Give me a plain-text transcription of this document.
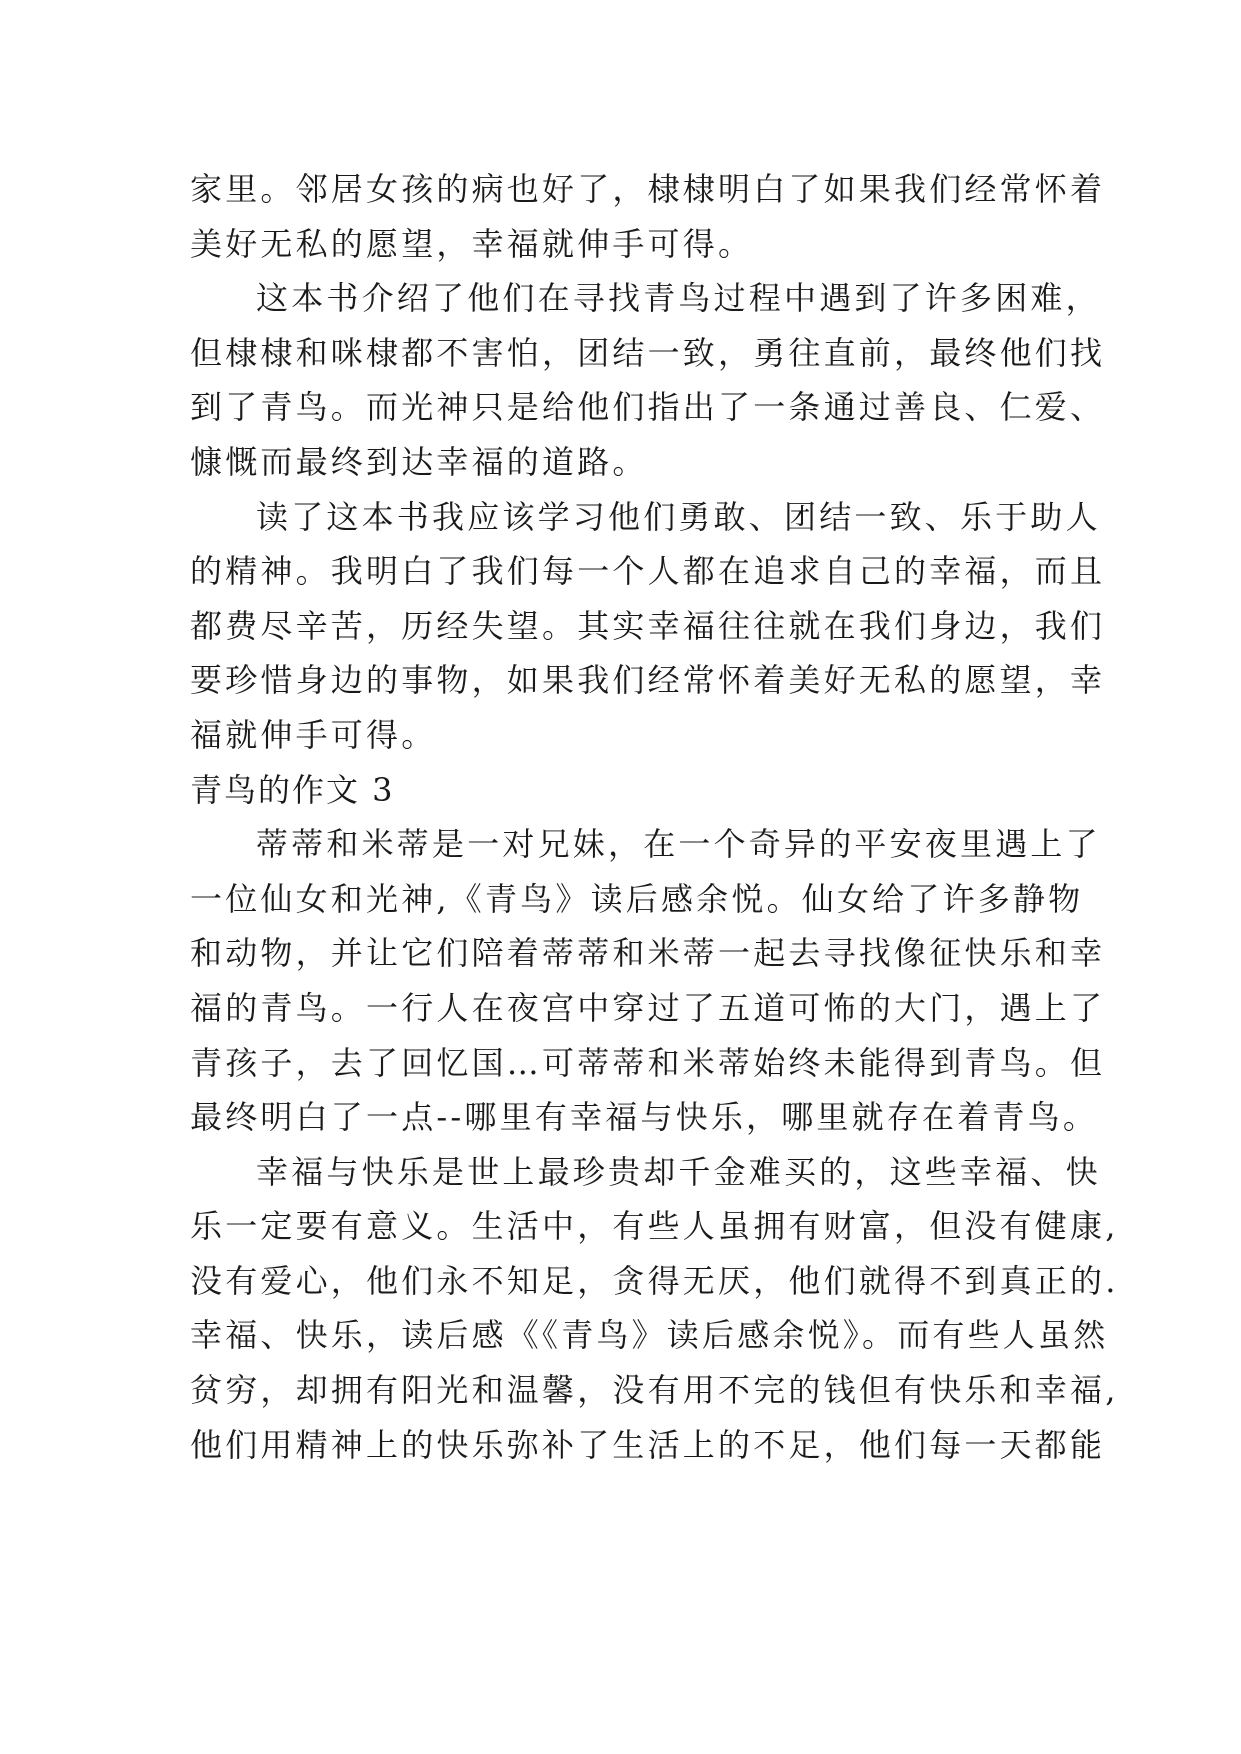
家里。邻居女孩的病也好了，棣棣明白了如果我们经常怀着
美好无私的愿望，幸福就伸手可得。
这本书介绍了他们在寻找青鸟过程中遇到了许多困难，
但棣棣和咪棣都不害怕，团结一致，勇往直前，最终他们找
到了青鸟。而光神只是给他们指出了一条通过善良、仁爱、
慷慨而最终到达幸福的道路。
读了这本书我应该学习他们勇敢、团结一致、乐于助人
的精神。我明白了我们每一个人都在追求自己的幸福，而且
都费尽辛苦，历经失望。其实幸福往往就在我们身边，我们
要珍惜身边的事物，如果我们经常怀着美好无私的愿望，幸
福就伸手可得。
青鸟的作文 3
蒂蒂和米蒂是一对兄妹，在一个奇异的平安夜里遇上了
一位仙女和光神,《青鸟》读后感余悦。仙女给了许多静物
和动物，并让它们陪着蒂蒂和米蒂一起去寻找像征快乐和幸
福的青鸟。一行人在夜宫中穿过了五道可怖的大门，遇上了
青孩子，去了回忆国…可蒂蒂和米蒂始终未能得到青鸟。但
最终明白了一点--哪里有幸福与快乐，哪里就存在着青鸟。
幸福与快乐是世上最珍贵却千金难买的，这些幸福、快
乐一定要有意义。生活中，有些人虽拥有财富，但没有健康,
没有爱心，他们永不知足，贪得无厌，他们就得不到真正的.
幸福、快乐，读后感《《青鸟》读后感余悦》。而有些人虽然
贫穷，却拥有阳光和温馨，没有用不完的钱但有快乐和幸福,
他们用精神上的快乐弥补了生活上的不足，他们每一天都能
